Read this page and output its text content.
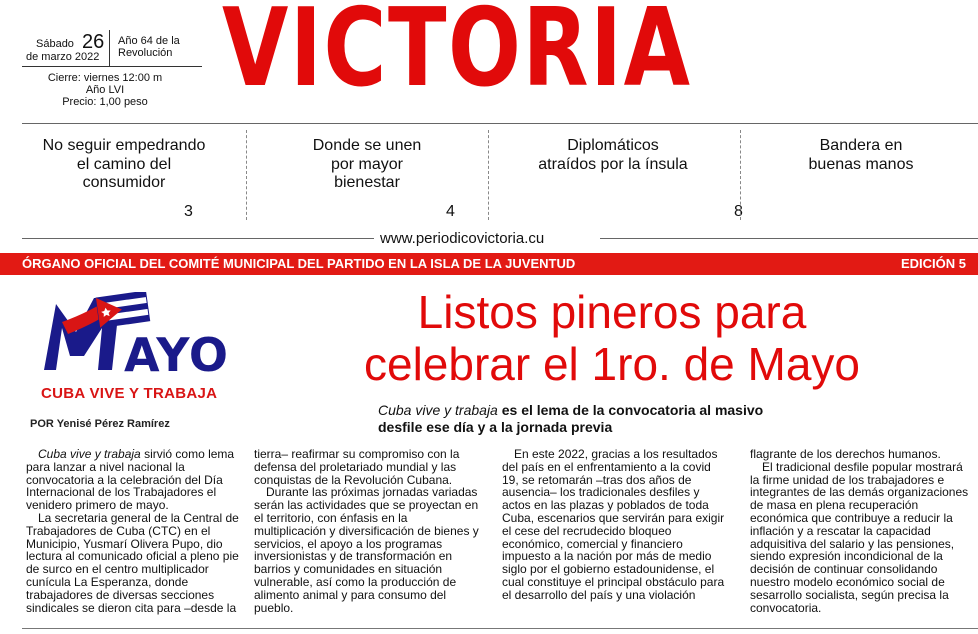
Sábado 26
de marzo 2022
Año 64 de la
Revolución
Cierre: viernes 12:00 m
Año LVI
Precio: 1,00 peso VICTORIA
No seguir empedrando
el camino del
consumidor
3
Donde se unen
por mayor
bienestar
4
Diplomáticos
atraídos por la ínsula
8
Bandera en
buenas manos
www.periodicovictoria.cu
ÓRGANO OFICIAL DEL COMITÉ MUNICIPAL DEL PARTIDO EN LA ISLA DE LA JUVENTUD	EDICIÓN 5
AYO
CUBA VIVE Y TRABAJA
POR Yenisé Pérez Ramírez
Listos pineros para
celebrar el 1ro. de Mayo
Cuba vive y trabaja es el lema de la convocatoria al masivo
desfile ese día y a la jornada previa

Cuba vive y trabaja sirvió como lema para lanzar a nivel nacional la convocatoria a la celebración del Día Internacional de los Trabajadores el venidero primero de mayo.

La secretaria general de la Central de Trabajadores de Cuba (CTC) en el Municipio, Yusmarí Olivera Pupo, dio lectura al comunicado oficial a pleno pie de surco en el centro multiplicador cunícula La Esperanza, donde trabajadores de diversas secciones sindicales se dieron cita para –desde la

tierra– reafirmar su compromiso con la defensa del proletariado mundial y las conquistas de la Revolución Cubana.

Durante las próximas jornadas variadas serán las actividades que se proyectan en el territorio, con énfasis en la multiplicación y diversificación de bienes y servicios, el apoyo a los programas inversionistas y de transformación en barrios y comunidades en situación vulnerable, así como la producción de alimento animal y para consumo del pueblo.

En este 2022, gracias a los resultados del país en el enfrentamiento a la covid 19, se retomarán –tras dos años de ausencia– los tradicionales desfiles y actos en las plazas y poblados de toda Cuba, escenarios que servirán para exigir el cese del recrudecido bloqueo económico, comercial y financiero impuesto a la nación por más de medio siglo por el gobierno estadounidense, el cual constituye el principal obstáculo para el desarrollo del país y una violación

flagrante de los derechos humanos.

El tradicional desfile popular mostrará la firme unidad de los trabajadores e integrantes de las demás organizaciones de masa en plena recuperación económica que contribuye a reducir la inflación y a rescatar la capacidad adquisitiva del salario y las pensiones, siendo expresión incondicional de la decisión de continuar consolidando nuestro modelo económico social de sesarrollo socialista, según precisa la convocatoria.
